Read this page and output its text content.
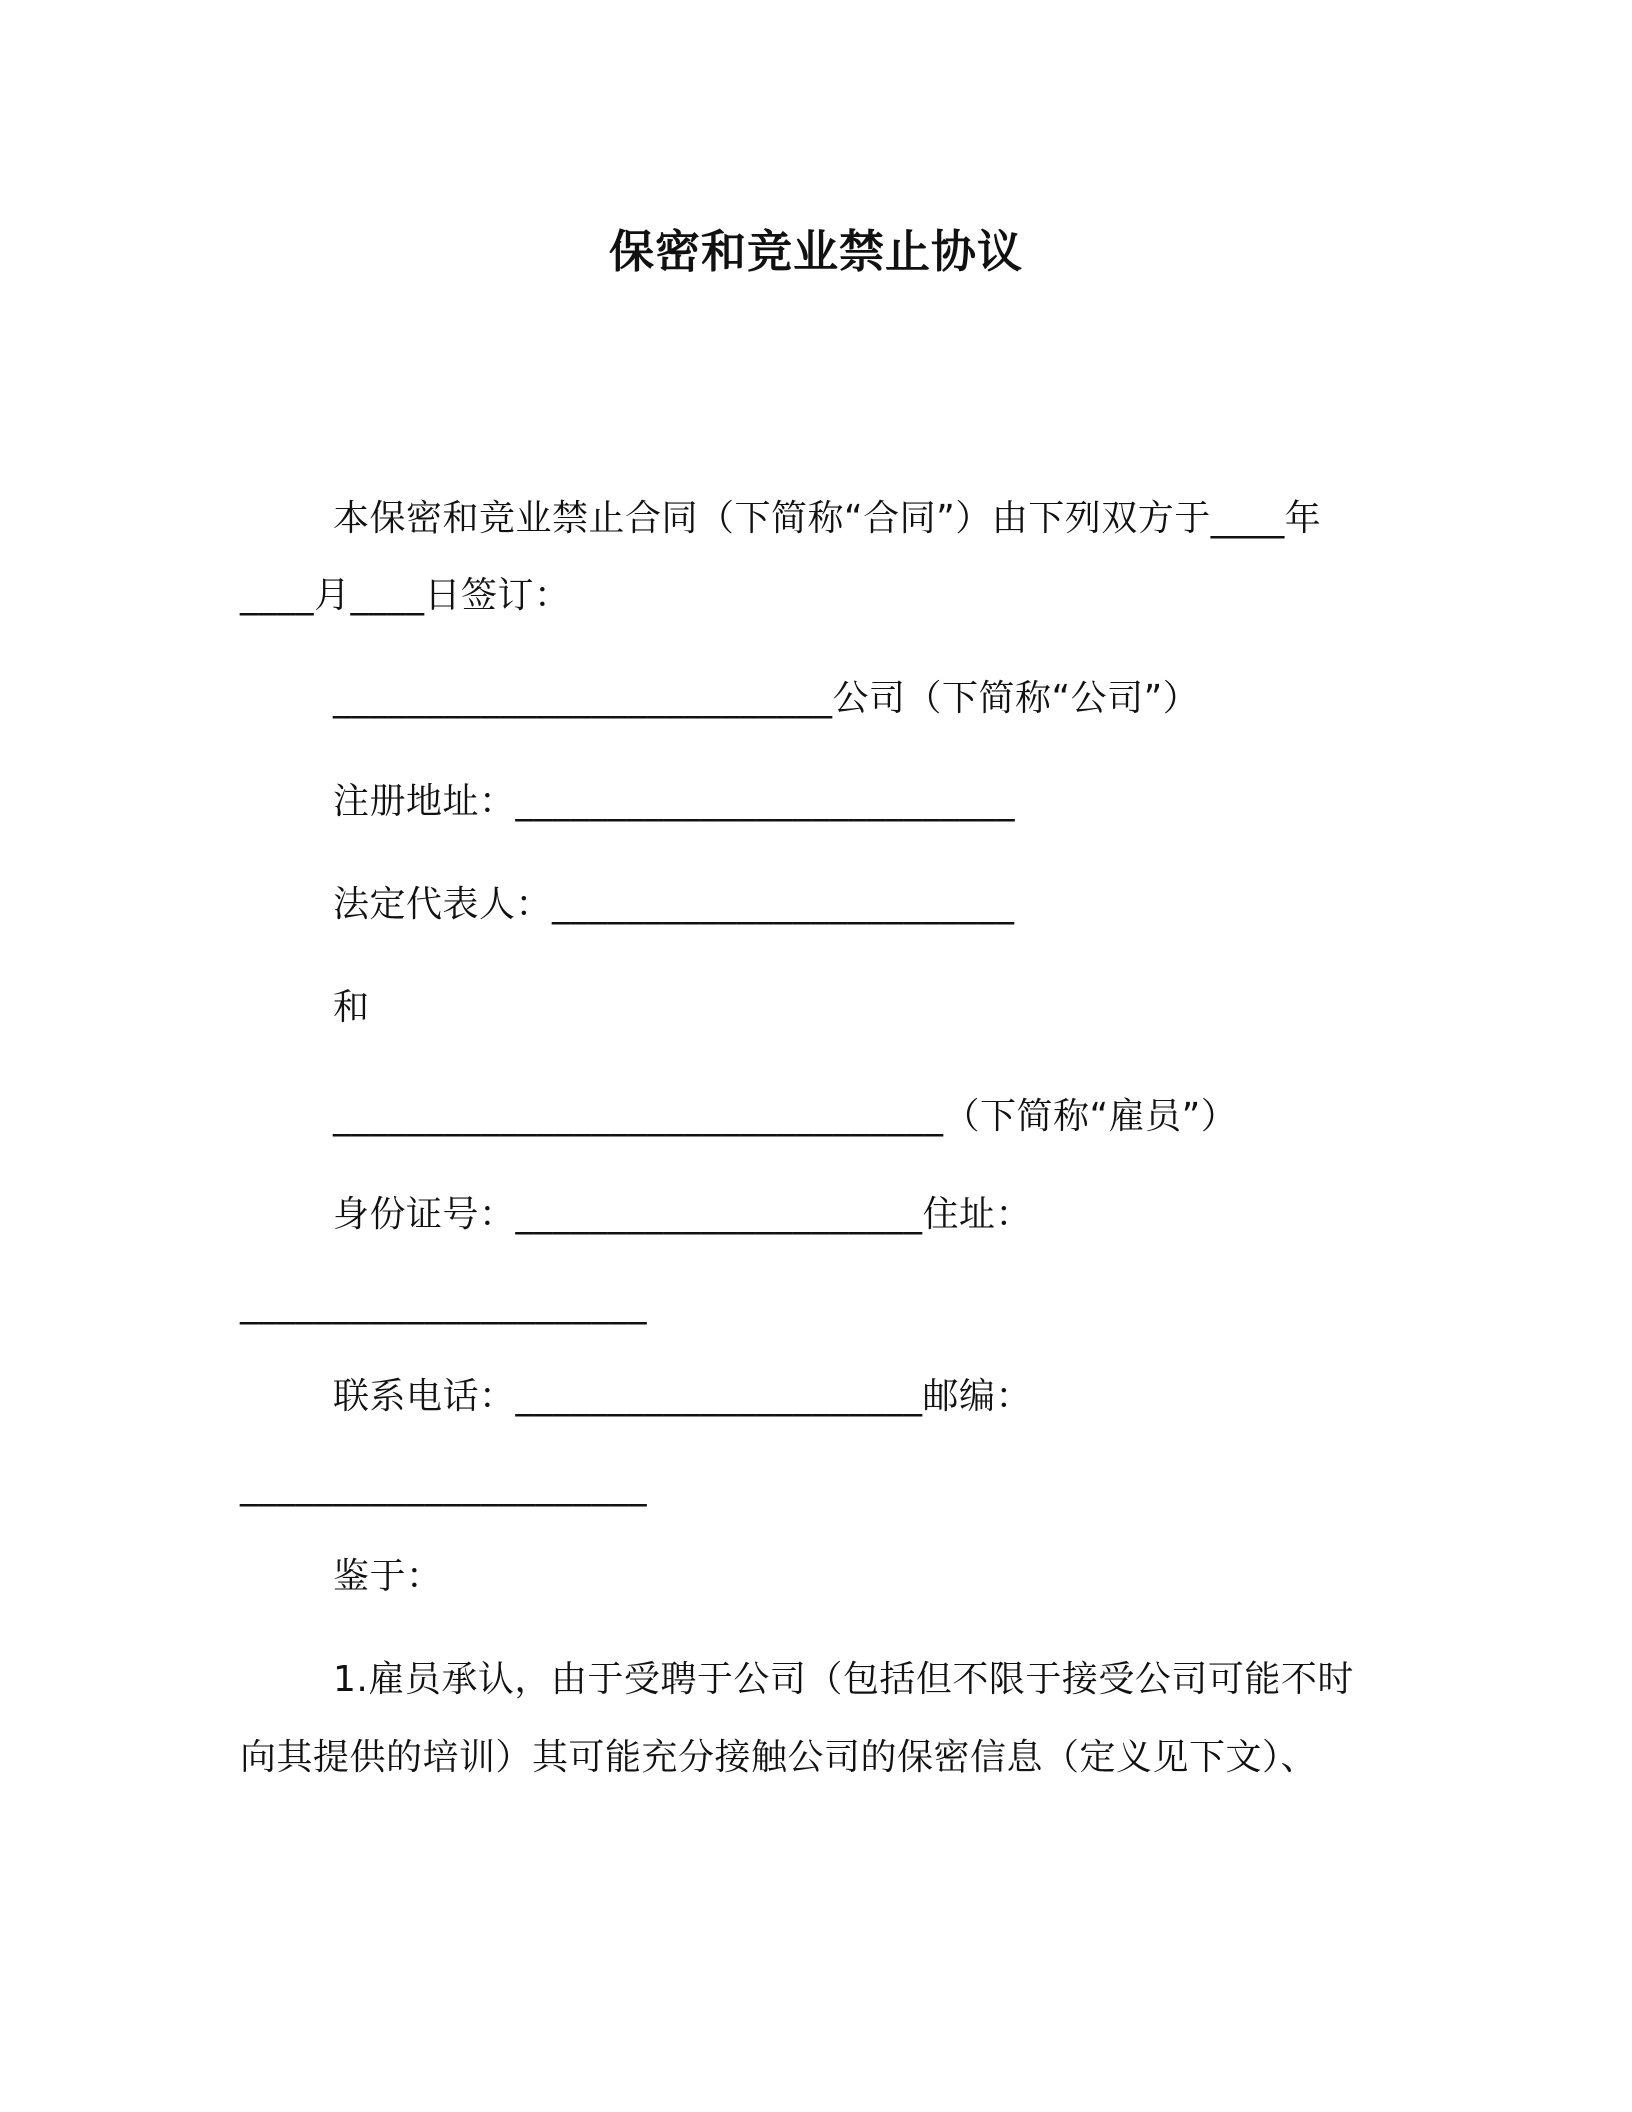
保密和竞业禁止协议
本保密和竞业禁止合同（下简称“合同”）由下列双方于____年
____月____日签订：
___________________________公司（下简称“公司”）
注册地址：___________________________
法定代表人：_________________________
和
_________________________________（下简称“雇员”）
身份证号：______________________住址：
______________________
联系电话：______________________邮编：
______________________
鉴于：
1.雇员承认，由于受聘于公司（包括但不限于接受公司可能不时
向其提供的培训）其可能充分接触公司的保密信息（定义见下文）、
